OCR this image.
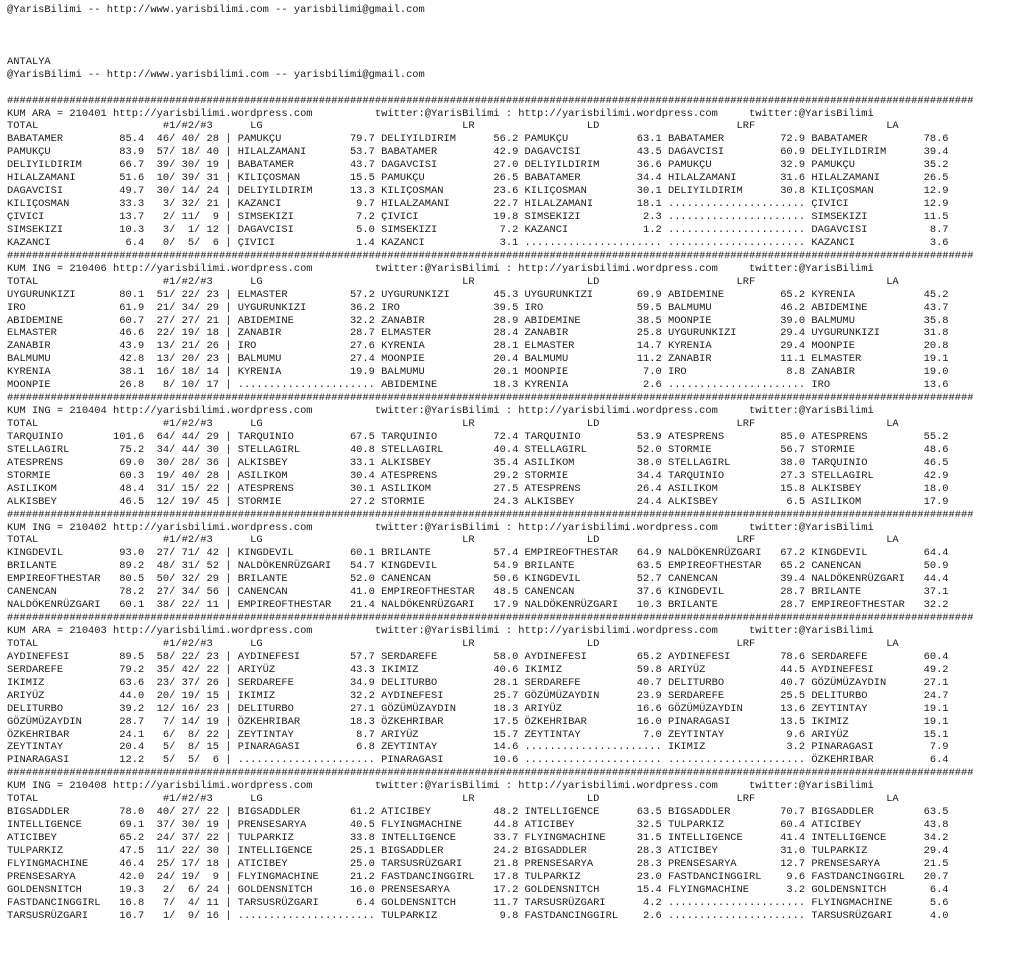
@YarisBilimi -- http://www.yarisbilimi.com -- yarisbilimi@gmail.com

ANTALYA
@YarisBilimi -- http://www.yarisbilimi.com -- yarisbilimi@gmail.com

###########################################################################################################################################################
KUM ARA = 210401 http://yarisbilimi.wordpress.com          twitter:@YarisBilimi : http://yarisbilimi.wordpress.com     twitter:@YarisBilimi
TOTAL                    #1/#2/#3      LG                                LR                  LD                      LRF                     LA
BABATAMER         85.4  46/ 40/ 28 | PAMUKÇU           79.7 DELIYILDIRIM      56.2 PAMUKÇU           63.1 BABATAMER         72.9 BABATAMER         78.6
PAMUKÇU           83.9  57/ 18/ 40 | HILALZAMANI       53.7 BABATAMER         42.9 DAGAVCISI         43.5 DAGAVCISI         60.9 DELIYILDIRIM      39.4
DELIYILDIRIM      66.7  39/ 30/ 19 | BABATAMER         43.7 DAGAVCISI         27.0 DELIYILDIRIM      36.6 PAMUKÇU           32.9 PAMUKÇU           35.2
HILALZAMANI       51.6  10/ 39/ 31 | KILIÇOSMAN        15.5 PAMUKÇU           26.5 BABATAMER         34.4 HILALZAMANI       31.6 HILALZAMANI       26.5
DAGAVCISI         49.7  30/ 14/ 24 | DELIYILDIRIM      13.3 KILIÇOSMAN        23.6 KILIÇOSMAN        30.1 DELIYILDIRIM      30.8 KILIÇOSMAN        12.9
KILIÇOSMAN        33.3   3/ 32/ 21 | KAZANCI            9.7 HILALZAMANI       22.7 HILALZAMANI       18.1 ...................... ÇIVICI            12.9
ÇIVICI            13.7   2/ 11/  9 | SIMSEKIZI          7.2 ÇIVICI            19.8 SIMSEKIZI          2.3 ...................... SIMSEKIZI         11.5
SIMSEKIZI         10.3   3/  1/ 12 | DAGAVCISI          5.0 SIMSEKIZI          7.2 KAZANCI            1.2 ...................... DAGAVCISI          8.7
KAZANCI            6.4   0/  5/  6 | ÇIVICI             1.4 KAZANCI            3.1 ...................... ...................... KAZANCI            3.6
###########################################################################################################################################################
KUM ING = 210406 http://yarisbilimi.wordpress.com          twitter:@YarisBilimi : http://yarisbilimi.wordpress.com     twitter:@YarisBilimi
TOTAL                    #1/#2/#3      LG                                LR                  LD                      LRF                     LA
UYGURUNKIZI       80.1  51/ 22/ 23 | ELMASTER          57.2 UYGURUNKIZI       45.3 UYGURUNKIZI       69.9 ABIDEMINE         65.2 KYRENIA           45.2
IRO               61.9  21/ 34/ 29 | UYGURUNKIZI       36.2 IRO               39.5 IRO               59.5 BALMUMU           46.2 ABIDEMINE         43.7
ABIDEMINE         60.7  27/ 27/ 21 | ABIDEMINE         32.2 ZANABIR           28.9 ABIDEMINE         38.5 MOONPIE           39.0 BALMUMU           35.8
ELMASTER          46.6  22/ 19/ 18 | ZANABIR           28.7 ELMASTER          28.4 ZANABIR           25.8 UYGURUNKIZI       29.4 UYGURUNKIZI       31.8
ZANABIR           43.9  13/ 21/ 26 | IRO               27.6 KYRENIA           28.1 ELMASTER          14.7 KYRENIA           29.4 MOONPIE           20.8
BALMUMU           42.8  13/ 20/ 23 | BALMUMU           27.4 MOONPIE           20.4 BALMUMU           11.2 ZANABIR           11.1 ELMASTER          19.1
KYRENIA           38.1  16/ 18/ 14 | KYRENIA           19.9 BALMUMU           20.1 MOONPIE            7.0 IRO                8.8 ZANABIR           19.0
MOONPIE           26.8   8/ 10/ 17 | ...................... ABIDEMINE         18.3 KYRENIA            2.6 ...................... IRO               13.6
###########################################################################################################################################################
KUM ING = 210404 http://yarisbilimi.wordpress.com          twitter:@YarisBilimi : http://yarisbilimi.wordpress.com     twitter:@YarisBilimi
TOTAL                    #1/#2/#3      LG                                LR                  LD                      LRF                     LA
TARQUINIO        101.6  64/ 44/ 29 | TARQUINIO         67.5 TARQUINIO         72.4 TARQUINIO         53.9 ATESPRENS         85.0 ATESPRENS         55.2
STELLAGIRL        75.2  34/ 44/ 30 | STELLAGIRL        40.8 STELLAGIRL        40.4 STELLAGIRL        52.0 STORMIE           56.7 STORMIE           48.6
ATESPRENS         69.0  30/ 28/ 36 | ALKISBEY          33.1 ALKISBEY          35.4 ASILIKOM          38.0 STELLAGIRL        38.0 TARQUINIO         46.5
STORMIE           60.3  19/ 40/ 28 | ASILIKOM          30.4 ATESPRENS         29.2 STORMIE           34.4 TARQUINIO         27.3 STELLAGIRL        42.9
ASILIKOM          48.4  31/ 15/ 22 | ATESPRENS         30.1 ASILIKOM          27.5 ATESPRENS         26.4 ASILIKOM          15.8 ALKISBEY          18.0
ALKISBEY          46.5  12/ 19/ 45 | STORMIE           27.2 STORMIE           24.3 ALKISBEY          24.4 ALKISBEY           6.5 ASILIKOM          17.9
###########################################################################################################################################################
KUM ING = 210402 http://yarisbilimi.wordpress.com          twitter:@YarisBilimi : http://yarisbilimi.wordpress.com     twitter:@YarisBilimi
TOTAL                    #1/#2/#3      LG                                LR                  LD                      LRF                     LA
KINGDEVIL         93.0  27/ 71/ 42 | KINGDEVIL         60.1 BRILANTE          57.4 EMPIREOFTHESTAR   64.9 NALDÖKENRÜZGARI   67.2 KINGDEVIL         64.4
BRILANTE          89.2  48/ 31/ 52 | NALDÖKENRÜZGARI   54.7 KINGDEVIL         54.9 BRILANTE          63.5 EMPIREOFTHESTAR   65.2 CANENCAN          50.9
EMPIREOFTHESTAR   80.5  50/ 32/ 29 | BRILANTE          52.0 CANENCAN          50.6 KINGDEVIL         52.7 CANENCAN          39.4 NALDÖKENRÜZGARI   44.4
CANENCAN          78.2  27/ 34/ 56 | CANENCAN          41.0 EMPIREOFTHESTAR   48.5 CANENCAN          37.6 KINGDEVIL         28.7 BRILANTE          37.1
NALDÖKENRÜZGARI   60.1  38/ 22/ 11 | EMPIREOFTHESTAR   21.4 NALDÖKENRÜZGARI   17.9 NALDÖKENRÜZGARI   10.3 BRILANTE          28.7 EMPIREOFTHESTAR   32.2
###########################################################################################################################################################
KUM ARA = 210403 http://yarisbilimi.wordpress.com          twitter:@YarisBilimi : http://yarisbilimi.wordpress.com     twitter:@YarisBilimi
TOTAL                    #1/#2/#3      LG                                LR                  LD                      LRF                     LA
AYDINEFESI        89.5  58/ 22/ 23 | AYDINEFESI        57.7 SERDAREFE         58.0 AYDINEFESI        65.2 AYDINEFESI        78.6 SERDAREFE         60.4
SERDAREFE         79.2  35/ 42/ 22 | ARIYÜZ            43.3 IKIMIZ            40.6 IKIMIZ            59.8 ARIYÜZ            44.5 AYDINEFESI        49.2
IKIMIZ            63.6  23/ 37/ 26 | SERDAREFE         34.9 DELITURBO         28.1 SERDAREFE         40.7 DELITURBO         40.7 GÖZÜMÜZAYDIN      27.1
ARIYÜZ            44.0  20/ 19/ 15 | IKIMIZ            32.2 AYDINEFESI        25.7 GÖZÜMÜZAYDIN      23.9 SERDAREFE         25.5 DELITURBO         24.7
DELITURBO         39.2  12/ 16/ 23 | DELITURBO         27.1 GÖZÜMÜZAYDIN      18.3 ARIYÜZ            16.6 GÖZÜMÜZAYDIN      13.6 ZEYTINTAY         19.1
GÖZÜMÜZAYDIN      28.7   7/ 14/ 19 | ÖZKEHRIBAR        18.3 ÖZKEHRIBAR        17.5 ÖZKEHRIBAR        16.0 PINARAGASI        13.5 IKIMIZ            19.1
ÖZKEHRIBAR        24.1   6/  8/ 22 | ZEYTINTAY          8.7 ARIYÜZ            15.7 ZEYTINTAY          7.0 ZEYTINTAY          9.6 ARIYÜZ            15.1
ZEYTINTAY         20.4   5/  8/ 15 | PINARAGASI         6.8 ZEYTINTAY         14.6 ...................... IKIMIZ             3.2 PINARAGASI         7.9
PINARAGASI        12.2   5/  5/  6 | ...................... PINARAGASI        10.6 ...................... ...................... ÖZKEHRIBAR         6.4
###########################################################################################################################################################
KUM ING = 210408 http://yarisbilimi.wordpress.com          twitter:@YarisBilimi : http://yarisbilimi.wordpress.com     twitter:@YarisBilimi
TOTAL                    #1/#2/#3      LG                                LR                  LD                      LRF                     LA
BIGSADDLER        78.0  40/ 27/ 22 | BIGSADDLER        61.2 ATICIBEY          48.2 INTELLIGENCE      63.5 BIGSADDLER        70.7 BIGSADDLER        63.5
INTELLIGENCE      69.1  37/ 30/ 19 | PRENSESARYA       40.5 FLYINGMACHINE     44.8 ATICIBEY          32.5 TULPARKIZ         60.4 ATICIBEY          43.8
ATICIBEY          65.2  24/ 37/ 22 | TULPARKIZ         33.8 INTELLIGENCE      33.7 FLYINGMACHINE     31.5 INTELLIGENCE      41.4 INTELLIGENCE      34.2
TULPARKIZ         47.5  11/ 22/ 30 | INTELLIGENCE      25.1 BIGSADDLER        24.2 BIGSADDLER        28.3 ATICIBEY          31.0 TULPARKIZ         29.4
FLYINGMACHINE     46.4  25/ 17/ 18 | ATICIBEY          25.0 TARSUSRÜZGARI     21.8 PRENSESARYA       28.3 PRENSESARYA       12.7 PRENSESARYA       21.5
PRENSESARYA       42.0  24/ 19/  9 | FLYINGMACHINE     21.2 FASTDANCINGGIRL   17.8 TULPARKIZ         23.0 FASTDANCINGGIRL    9.6 FASTDANCINGGIRL   20.7
GOLDENSNITCH      19.3   2/  6/ 24 | GOLDENSNITCH      16.0 PRENSESARYA       17.2 GOLDENSNITCH      15.4 FLYINGMACHINE      3.2 GOLDENSNITCH       6.4
FASTDANCINGGIRL   16.8   7/  4/ 11 | TARSUSRÜZGARI      6.4 GOLDENSNITCH      11.7 TARSUSRÜZGARI      4.2 ...................... FLYINGMACHINE      5.6
TARSUSRÜZGARI     16.7   1/  9/ 16 | ...................... TULPARKIZ          9.8 FASTDANCINGGIRL    2.6 ...................... TARSUSRÜZGARI      4.0
